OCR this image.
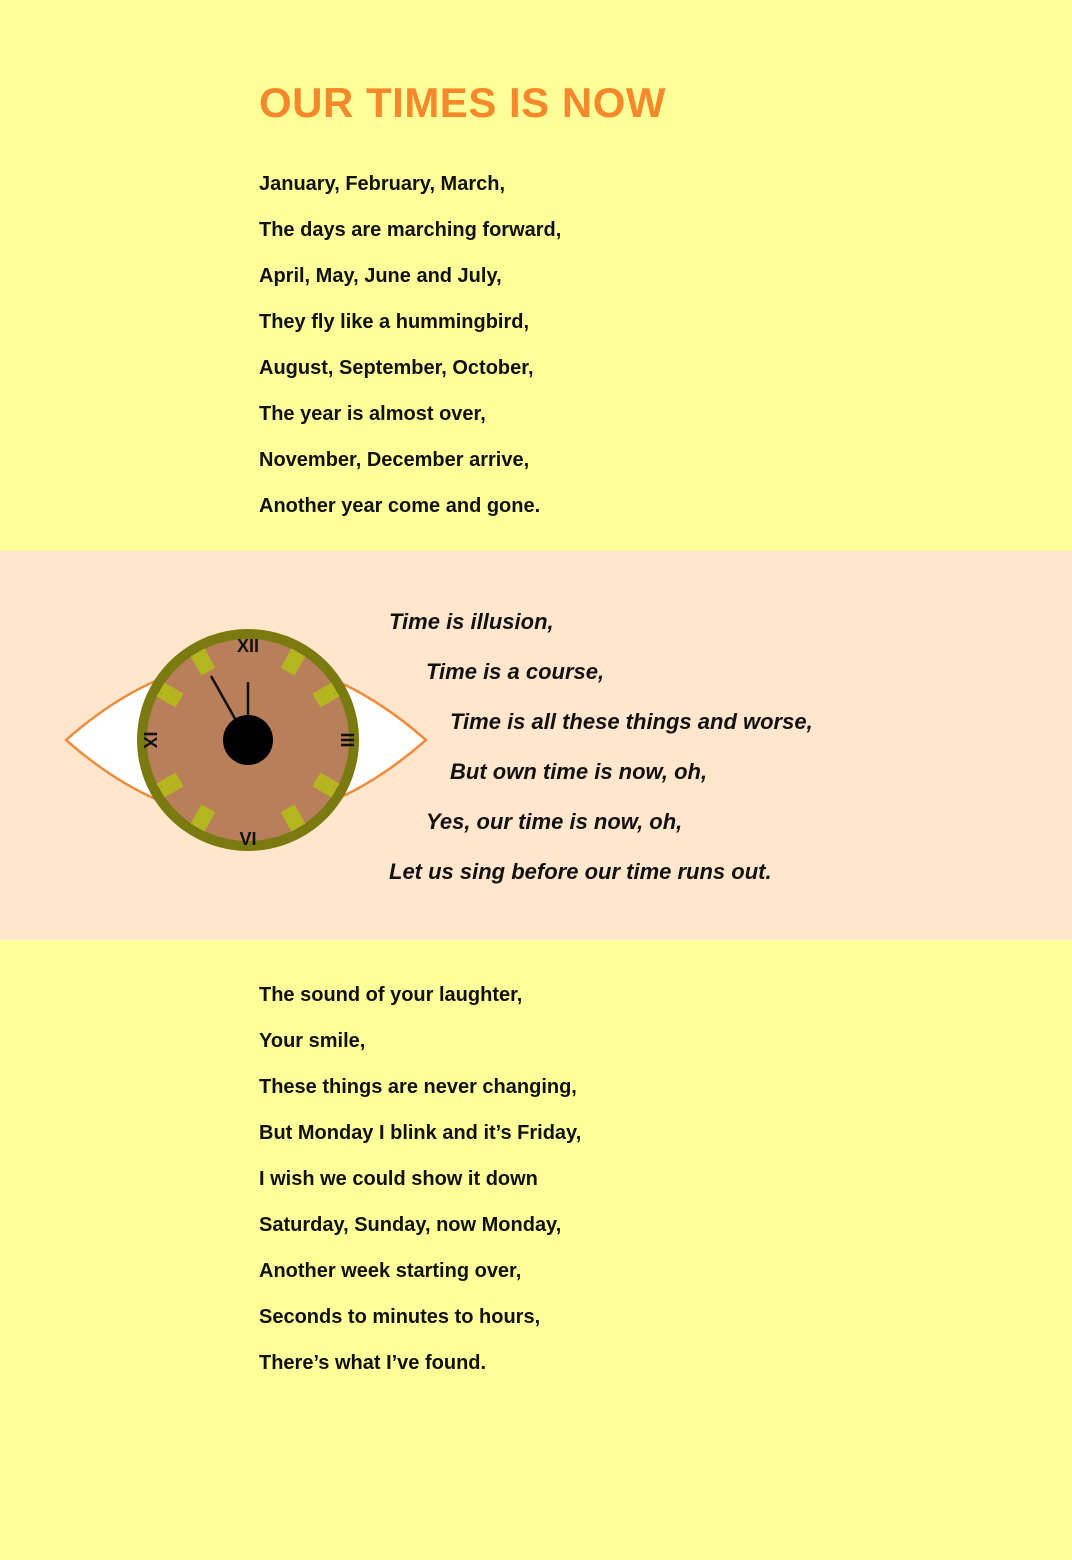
OUR TIMES IS NOW
January, February, March,
The days are marching forward,
April, May, June and July,
They fly like a hummingbird,
August, September, October,
The year is almost over,
November, December arrive,
Another year come and gone.
XII
VI
III
IX
Time is illusion,
Time is a course,
Time is all these things and worse,
But own time is now, oh,
Yes, our time is now, oh,
Let us sing before our time runs out.
The sound of your laughter,
Your smile,
These things are never changing,
But Monday I blink and it’s Friday,
I wish we could show it down
Saturday, Sunday, now Monday,
Another week starting over,
Seconds to minutes to hours,
There’s what I’ve found.
